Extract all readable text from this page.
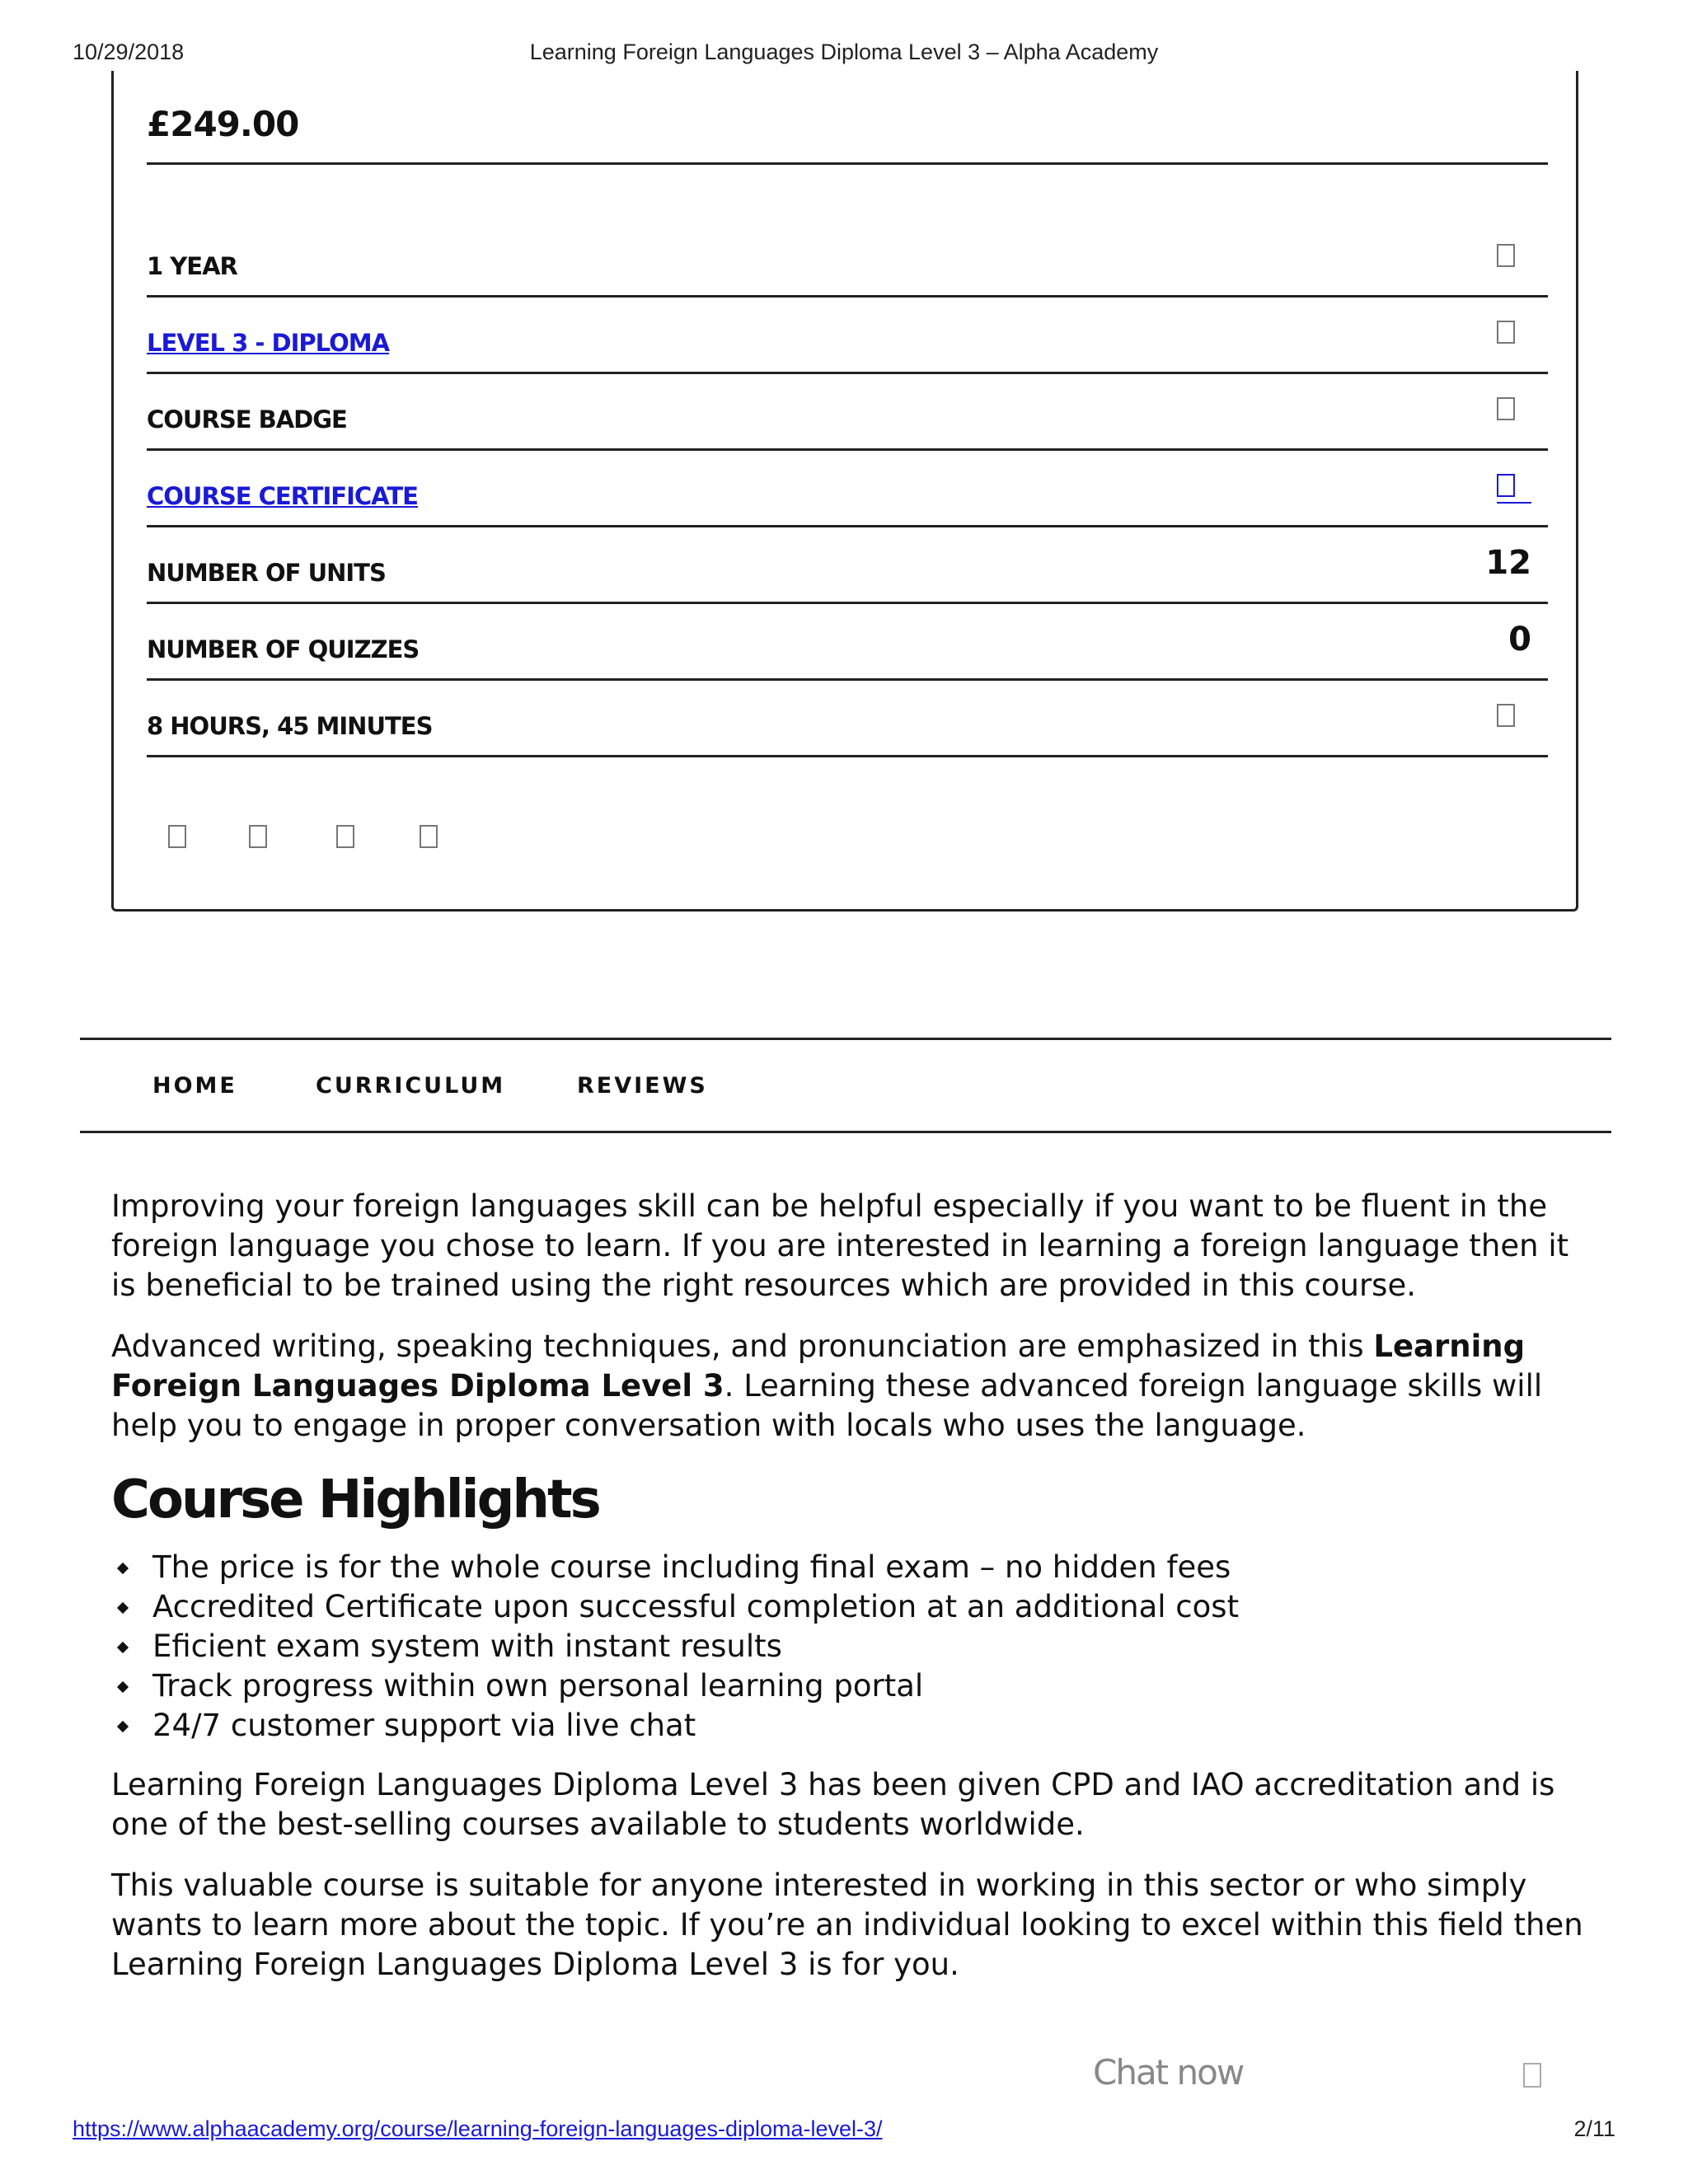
10/29/2018	Learning Foreign Languages Diploma Level 3 – Alpha Academy
£249.00
1 YEAR
LEVEL 3 - DIPLOMA
COURSE BADGE
COURSE CERTIFICATE
NUMBER OF UNITS	12
NUMBER OF QUIZZES	0
8 HOURS, 45 MINUTES
HOME	CURRICULUM	REVIEWS

Improving your foreign languages skill can be helpful especially if you want to be fluent in the foreign language you chose to learn. If you are interested in learning a foreign language then it is beneficial to be trained using the right resources which are provided in this course.

Advanced writing, speaking techniques, and pronunciation are emphasized in this Learning Foreign Languages Diploma Level 3. Learning these advanced foreign language skills will help you to engage in proper conversation with locals who uses the language.

Course Highlights
The price is for the whole course including final exam – no hidden fees
Accredited Certificate upon successful completion at an additional cost
Eficient exam system with instant results
Track progress within own personal learning portal
24/7 customer support via live chat

Learning Foreign Languages Diploma Level 3 has been given CPD and IAO accreditation and is one of the best-selling courses available to students worldwide.

This valuable course is suitable for anyone interested in working in this sector or who simply wants to learn more about the topic. If you’re an individual looking to excel within this field then Learning Foreign Languages Diploma Level 3 is for you.

Chat now
https://www.alphaacademy.org/course/learning-foreign-languages-diploma-level-3/	2/11
